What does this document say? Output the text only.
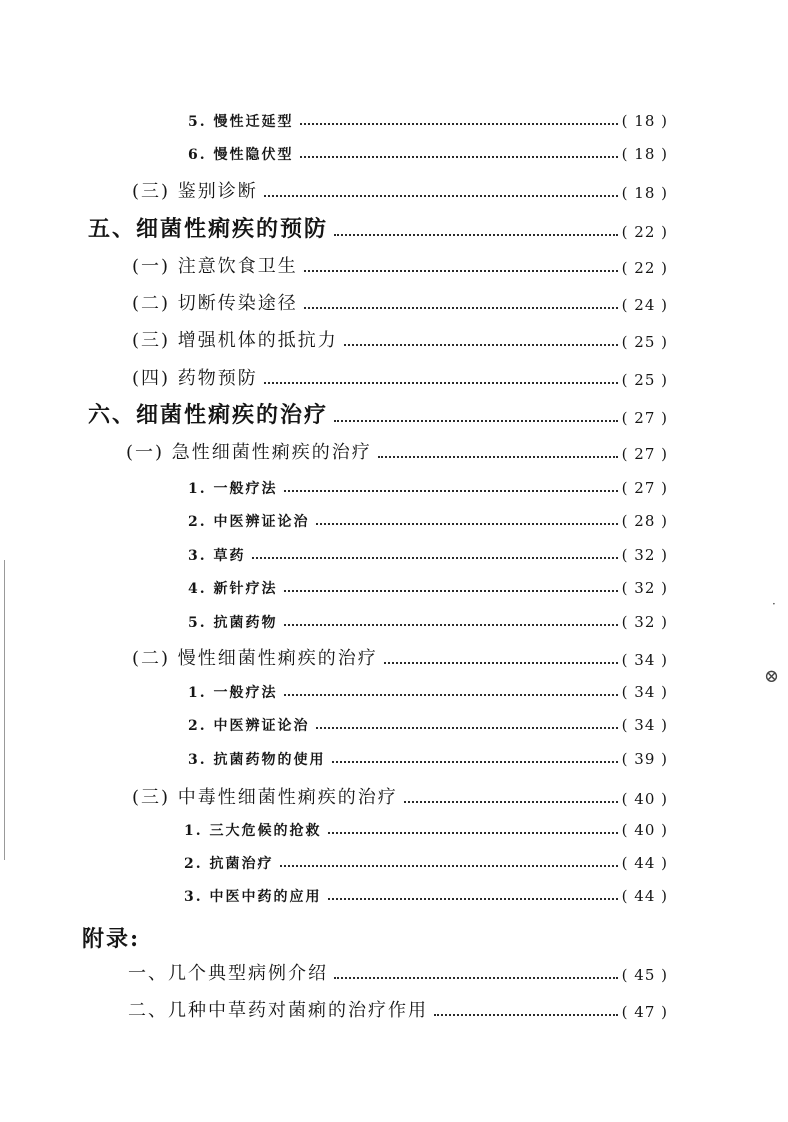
5. 慢性迁延型	( 18 )
6. 慢性隐伏型	( 18 )
(三) 鉴别诊断	( 18 )
五、细菌性痢疾的预防	( 22 )
(一) 注意饮食卫生	( 22 )
(二) 切断传染途径	( 24 )
(三) 增强机体的抵抗力	( 25 )
(四) 药物预防	( 25 )
六、细菌性痢疾的治疗	( 27 )
(一) 急性细菌性痢疾的治疗	( 27 )
1. 一般疗法	( 27 )
2. 中医辨证论治	( 28 )
3. 草药	( 32 )
4. 新针疗法	( 32 )
5. 抗菌药物	( 32 )
(二) 慢性细菌性痢疾的治疗	( 34 )
1. 一般疗法	( 34 )
2. 中医辨证论治	( 34 )
3. 抗菌药物的使用	( 39 )
(三) 中毒性细菌性痢疾的治疗	( 40 )
1. 三大危候的抢救	( 40 )
2. 抗菌治疗	( 44 )
3. 中医中药的应用	( 44 )
附录:
一、几个典型病例介绍	( 45 )
二、几种中草药对菌痢的治疗作用	( 47 )
⊗
·
